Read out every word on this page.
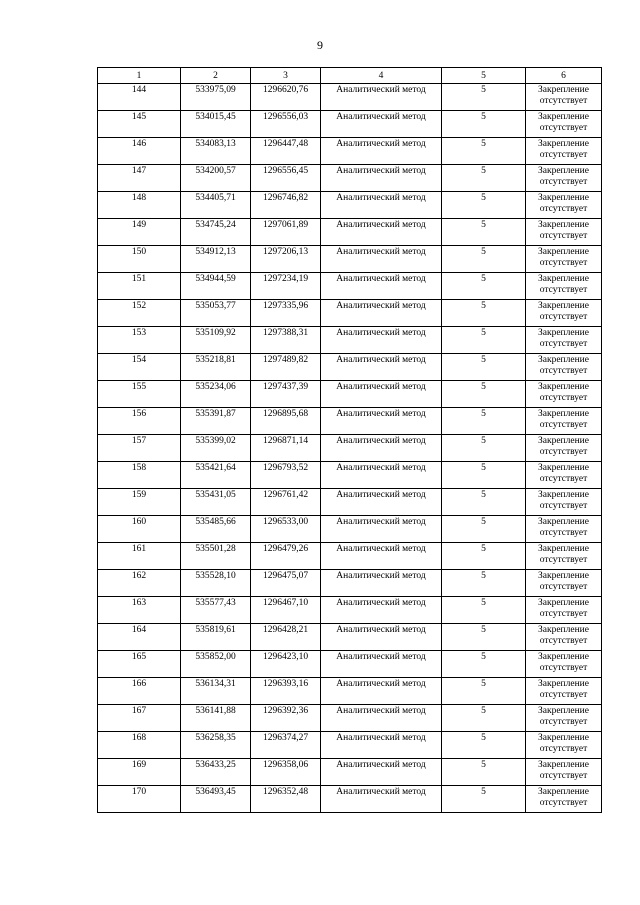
9
1	2	3	4	5	6
144	533975,09	1296620,76	Аналитический метод	5	Закрепление отсутствует
145	534015,45	1296556,03	Аналитический метод	5	Закрепление отсутствует
146	534083,13	1296447,48	Аналитический метод	5	Закрепление отсутствует
147	534200,57	1296556,45	Аналитический метод	5	Закрепление отсутствует
148	534405,71	1296746,82	Аналитический метод	5	Закрепление отсутствует
149	534745,24	1297061,89	Аналитический метод	5	Закрепление отсутствует
150	534912,13	1297206,13	Аналитический метод	5	Закрепление отсутствует
151	534944,59	1297234,19	Аналитический метод	5	Закрепление отсутствует
152	535053,77	1297335,96	Аналитический метод	5	Закрепление отсутствует
153	535109,92	1297388,31	Аналитический метод	5	Закрепление отсутствует
154	535218,81	1297489,82	Аналитический метод	5	Закрепление отсутствует
155	535234,06	1297437,39	Аналитический метод	5	Закрепление отсутствует
156	535391,87	1296895,68	Аналитический метод	5	Закрепление отсутствует
157	535399,02	1296871,14	Аналитический метод	5	Закрепление отсутствует
158	535421,64	1296793,52	Аналитический метод	5	Закрепление отсутствует
159	535431,05	1296761,42	Аналитический метод	5	Закрепление отсутствует
160	535485,66	1296533,00	Аналитический метод	5	Закрепление отсутствует
161	535501,28	1296479,26	Аналитический метод	5	Закрепление отсутствует
162	535528,10	1296475,07	Аналитический метод	5	Закрепление отсутствует
163	535577,43	1296467,10	Аналитический метод	5	Закрепление отсутствует
164	535819,61	1296428,21	Аналитический метод	5	Закрепление отсутствует
165	535852,00	1296423,10	Аналитический метод	5	Закрепление отсутствует
166	536134,31	1296393,16	Аналитический метод	5	Закрепление отсутствует
167	536141,88	1296392,36	Аналитический метод	5	Закрепление отсутствует
168	536258,35	1296374,27	Аналитический метод	5	Закрепление отсутствует
169	536433,25	1296358,06	Аналитический метод	5	Закрепление отсутствует
170	536493,45	1296352,48	Аналитический метод	5	Закрепление отсутствует
